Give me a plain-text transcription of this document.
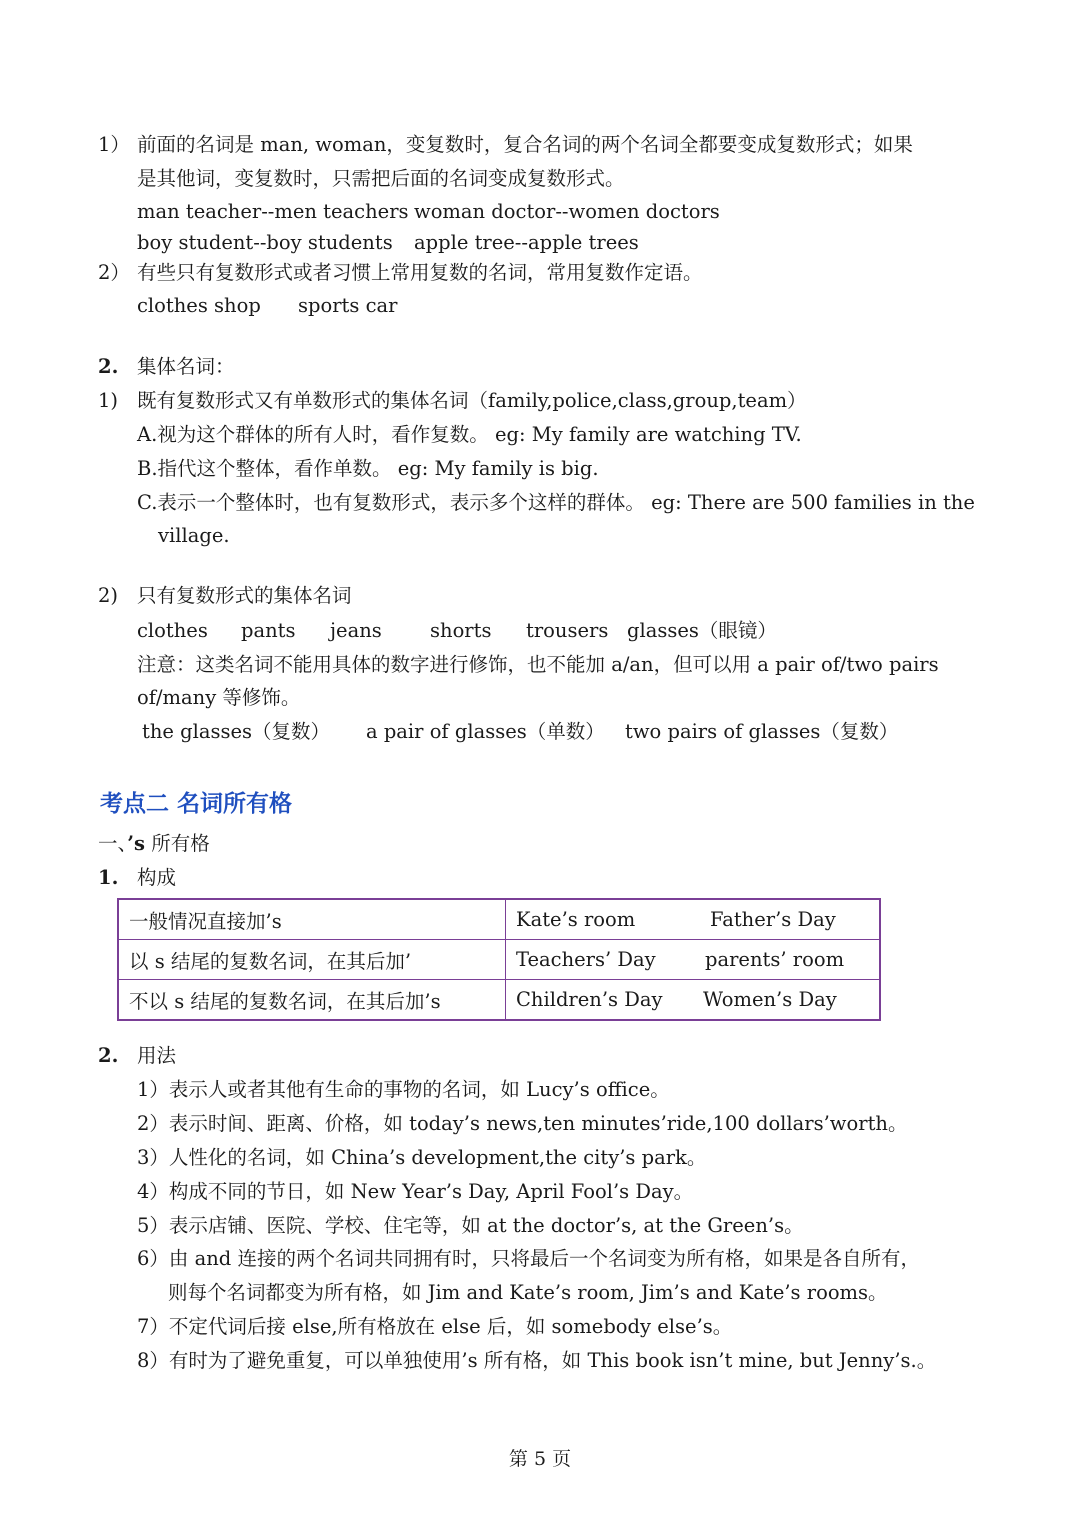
1） 前面的名词是 man, woman，变复数时，复合名词的两个名词全都要变成复数形式；如果
是其他词，变复数时，只需把后面的名词变成复数形式。
man teacher--men teachers woman doctor--women doctors
boy student--boy students apple tree--apple trees
2） 有些只有复数形式或者习惯上常用复数的名词，常用复数作定语。
clothes shop sports car
2. 集体名词：
1) 既有复数形式又有单数形式的集体名词（family,police,class,group,team）
A.视为这个群体的所有人时，看作复数。 eg: My family are watching TV.
B.指代这个整体，看作单数。 eg: My family is big.
C.表示一个整体时，也有复数形式，表示多个这样的群体。 eg: There are 500 families in the
village.
2) 只有复数形式的集体名词
clothes pants jeans shorts trousers glasses（眼镜）
注意：这类名词不能用具体的数字进行修饰，也不能加 a/an，但可以用 a pair of/two pairs
of/many 等修饰。
the glasses（复数） a pair of glasses（单数） two pairs of glasses（复数）
考点二 名词所有格
一、’s 所有格
1. 构成
一般情况直接加’s	Kate’s room Father’s Day
以 s 结尾的复数名词，在其后加’	Teachers’ Day parents’ room
不以 s 结尾的复数名词，在其后加’s	Children’s Day Women’s Day
2. 用法
1）表示人或者其他有生命的事物的名词，如 Lucy’s office。
2）表示时间、距离、价格，如 today’s news,ten minutes’ride,100 dollars’worth。
3）人性化的名词，如 China’s development,the city’s park。
4）构成不同的节日，如 New Year’s Day, April Fool’s Day。
5）表示店铺、医院、学校、住宅等，如 at the doctor’s, at the Green’s。
6）由 and 连接的两个名词共同拥有时，只将最后一个名词变为所有格，如果是各自所有，
则每个名词都变为所有格，如 Jim and Kate’s room, Jim’s and Kate’s rooms。
7）不定代词后接 else,所有格放在 else 后，如 somebody else’s。
8）有时为了避免重复，可以单独使用’s 所有格，如 This book isn’t mine, but Jenny’s.。
第 5 页
